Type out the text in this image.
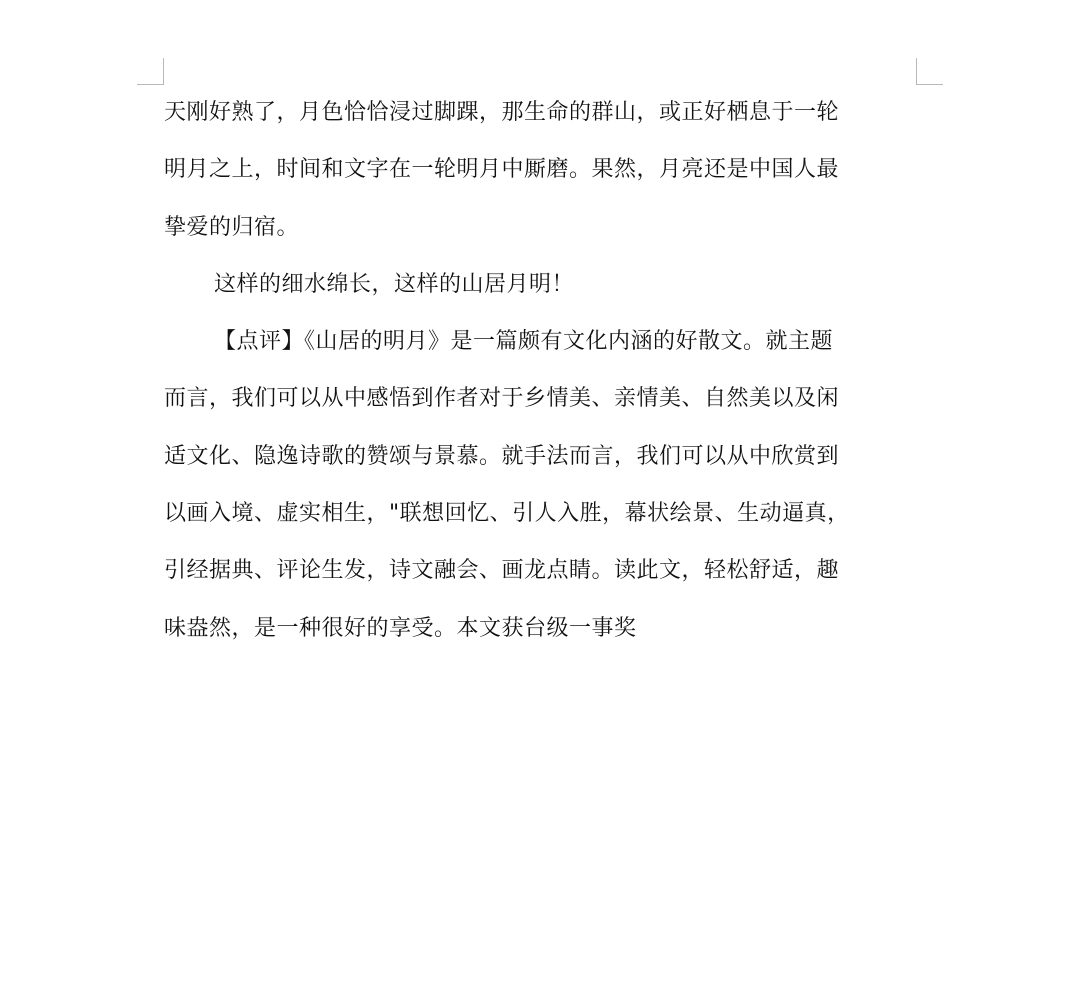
天刚好熟了，月色恰恰浸过脚踝，那生命的群山，或正好栖息于一轮
明月之上，时间和文字在一轮明月中厮磨。果然，月亮还是中国人最
挚爱的归宿。
这样的细水绵长，这样的山居月明！
【点评】《山居的明月》是一篇颇有文化内涵的好散文。就主题
而言，我们可以从中感悟到作者对于乡情美、亲情美、自然美以及闲
适文化、隐逸诗歌的赞颂与景慕。就手法而言，我们可以从中欣赏到
以画入境、虚实相生，"联想回忆、引人入胜，幕状绘景、生动逼真，
引经据典、评论生发，诗文融会、画龙点睛。读此文，轻松舒适，趣
味盎然，是一种很好的享受。本文获台级一事奖
